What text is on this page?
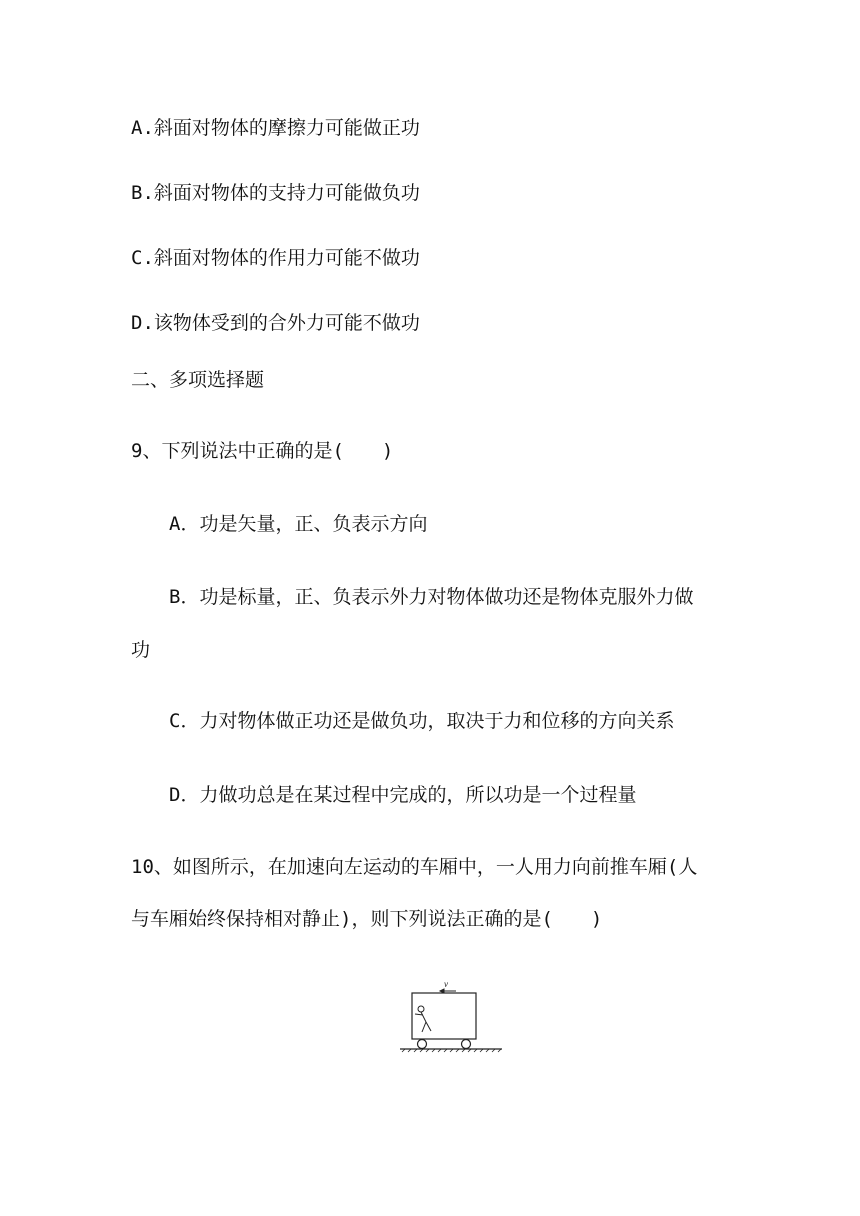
A.斜面对物体的摩擦力可能做正功
B.斜面对物体的支持力可能做负功
C.斜面对物体的作用力可能不做功
D.该物体受到的合外力可能不做功
二、多项选择题
9、下列说法中正确的是(　　)
A．功是矢量，正、负表示方向
B．功是标量，正、负表示外力对物体做功还是物体克服外力做
功
C．力对物体做正功还是做负功，取决于力和位移的方向关系
D．力做功总是在某过程中完成的，所以功是一个过程量
10、如图所示，在加速向左运动的车厢中，一人用力向前推车厢(人
与车厢始终保持相对静止)，则下列说法正确的是(　　)
v
